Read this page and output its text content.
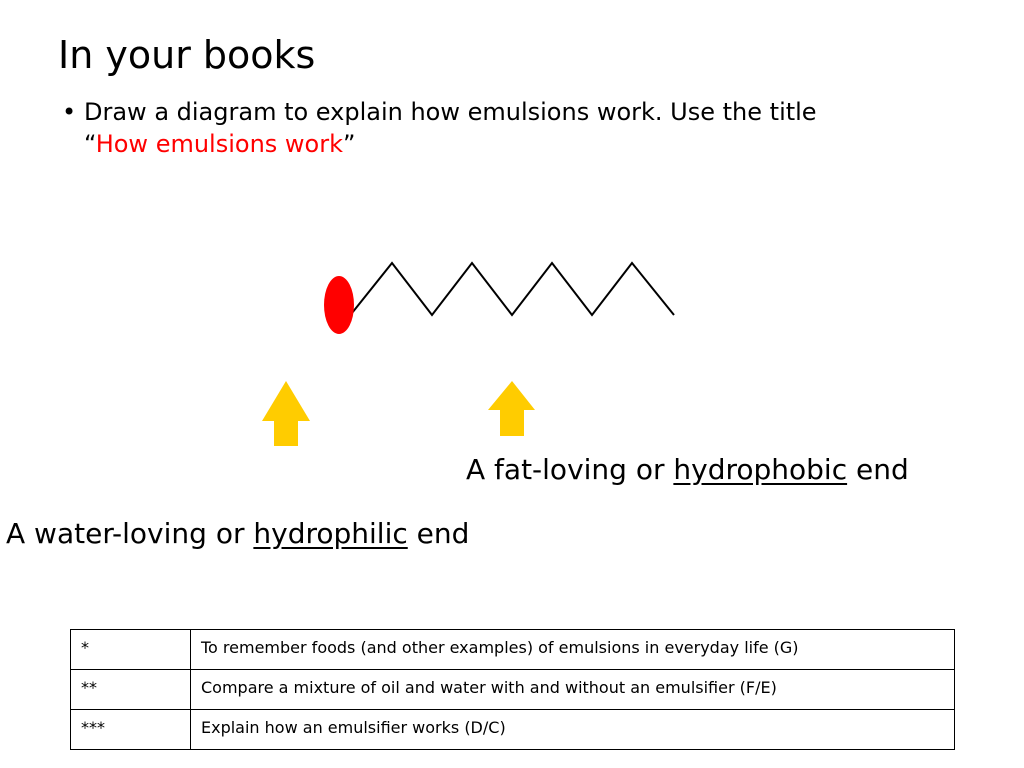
In your books
• Draw a diagram to explain how emulsions work. Use the title
“How emulsions work”
A fat-loving or hydrophobic end
A water-loving or hydrophilic end
*	To remember foods (and other examples) of emulsions in everyday life (G)
**	Compare a mixture of oil and water with and without an emulsifier (F/E)
***	Explain how an emulsifier works (D/C)
